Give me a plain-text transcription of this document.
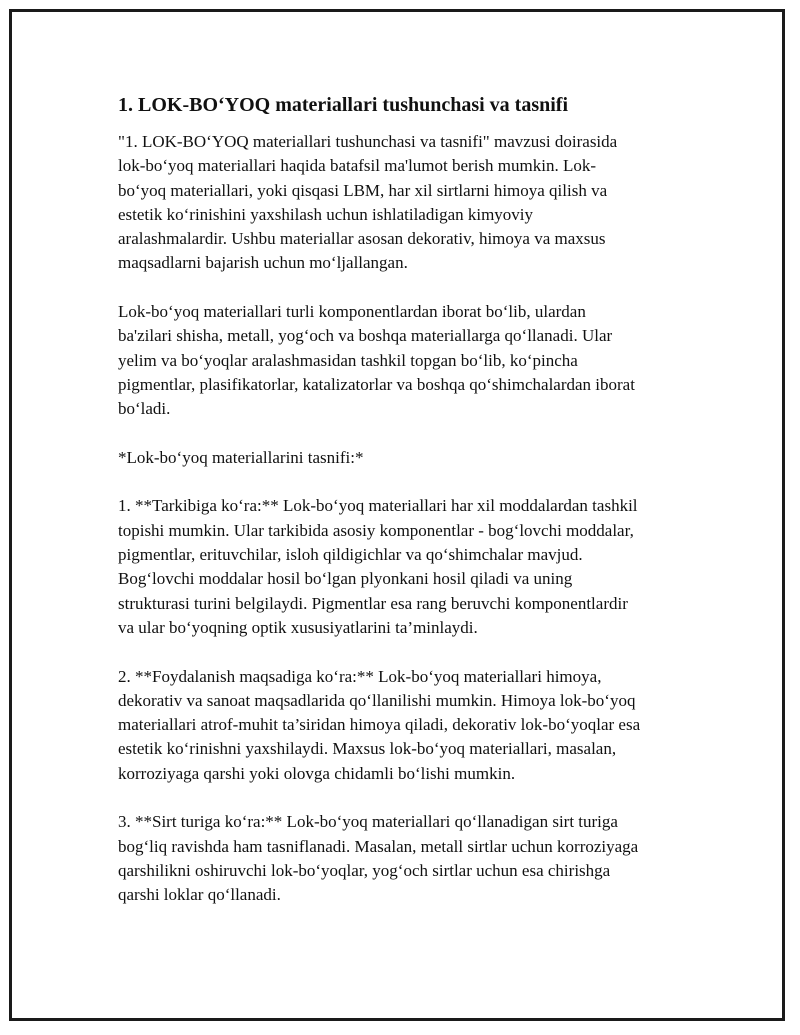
1. LOK-BO‘YOQ materiallari tushunchasi va tasnifi

"1. LOK-BO‘YOQ materiallari tushunchasi va tasnifi" mavzusi doirasida
lok-bo‘yoq materiallari haqida batafsil ma'lumot berish mumkin. Lok-
bo‘yoq materiallari, yoki qisqasi LBM, har xil sirtlarni himoya qilish va
estetik ko‘rinishini yaxshilash uchun ishlatiladigan kimyoviy
aralashmalardir. Ushbu materiallar asosan dekorativ, himoya va maxsus
maqsadlarni bajarish uchun mo‘ljallangan.

Lok-bo‘yoq materiallari turli komponentlardan iborat bo‘lib, ulardan
ba'zilari shisha, metall, yog‘och va boshqa materiallarga qo‘llanadi. Ular
yelim va bo‘yoqlar aralashmasidan tashkil topgan bo‘lib, ko‘pincha
pigmentlar, plasifikatorlar, katalizatorlar va boshqa qo‘shimchalardan iborat
bo‘ladi.

*Lok-bo‘yoq materiallarini tasnifi:*

1. **Tarkibiga ko‘ra:** Lok-bo‘yoq materiallari har xil moddalardan tashkil
topishi mumkin. Ular tarkibida asosiy komponentlar - bog‘lovchi moddalar,
pigmentlar, erituvchilar, isloh qildigichlar va qo‘shimchalar mavjud.
Bog‘lovchi moddalar hosil bo‘lgan plyonkani hosil qiladi va uning
strukturasi turini belgilaydi. Pigmentlar esa rang beruvchi komponentlardir
va ular bo‘yoqning optik xususiyatlarini ta’minlaydi.

2. **Foydalanish maqsadiga ko‘ra:** Lok-bo‘yoq materiallari himoya,
dekorativ va sanoat maqsadlarida qo‘llanilishi mumkin. Himoya lok-bo‘yoq
materiallari atrof-muhit ta’siridan himoya qiladi, dekorativ lok-bo‘yoqlar esa
estetik ko‘rinishni yaxshilaydi. Maxsus lok-bo‘yoq materiallari, masalan,
korroziyaga qarshi yoki olovga chidamli bo‘lishi mumkin.

3. **Sirt turiga ko‘ra:** Lok-bo‘yoq materiallari qo‘llanadigan sirt turiga
bog‘liq ravishda ham tasniflanadi. Masalan, metall sirtlar uchun korroziyaga
qarshilikni oshiruvchi lok-bo‘yoqlar, yog‘och sirtlar uchun esa chirishga
qarshi loklar qo‘llanadi.
